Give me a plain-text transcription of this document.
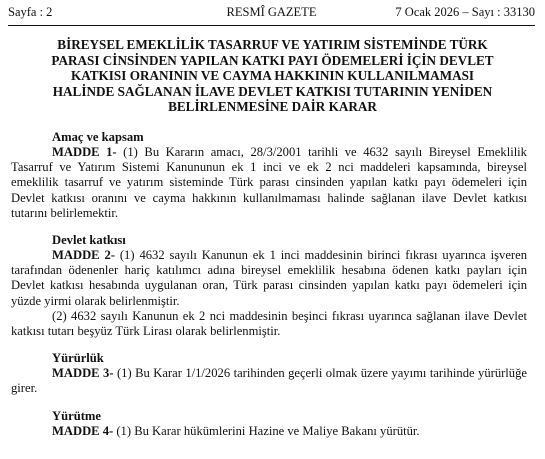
Sayfa : 2	RESMÎ GAZETE	7 Ocak 2026 – Sayı : 33130
BİREYSEL EMEKLİLİK TASARRUF VE YATIRIM SİSTEMİNDE TÜRK PARASI CİNSİNDEN YAPILAN KATKI PAYI ÖDEMELERİ İÇİN DEVLET KATKISI ORANININ VE CAYMA HAKKININ KULLANILMAMASI HALİNDE SAĞLANAN İLAVE DEVLET KATKISI TUTARININ YENİDEN BELİRLENMESİNE DAİR KARAR

Amaç ve kapsam

MADDE 1- (1) Bu Kararın amacı, 28/3/2001 tarihli ve 4632 sayılı Bireysel Emeklilik Tasarruf ve Yatırım Sistemi Kanununun ek 1 inci ve ek 2 nci maddeleri kapsamında, bireysel emeklilik tasarruf ve yatırım sisteminde Türk parası cinsinden yapılan katkı payı ödemeleri için Devlet katkısı oranını ve cayma hakkının kullanılmaması halinde sağlanan ilave Devlet katkısı tutarını belirlemektir.

Devlet katkısı

MADDE 2- (1) 4632 sayılı Kanunun ek 1 inci maddesinin birinci fıkrası uyarınca işveren tarafından ödenenler hariç katılımcı adına bireysel emeklilik hesabına ödenen katkı payları için Devlet katkısı hesabında uygulanan oran, Türk parası cinsinden yapılan katkı payı ödemeleri için yüzde yirmi olarak belirlenmiştir.

(2) 4632 sayılı Kanunun ek 2 nci maddesinin beşinci fıkrası uyarınca sağlanan ilave Devlet katkısı tutarı beşyüz Türk Lirası olarak belirlenmiştir.

Yürürlük

MADDE 3- (1) Bu Karar 1/1/2026 tarihinden geçerli olmak üzere yayımı tarihinde yürürlüğe girer.

Yürütme

MADDE 4- (1) Bu Karar hükümlerini Hazine ve Maliye Bakanı yürütür.
